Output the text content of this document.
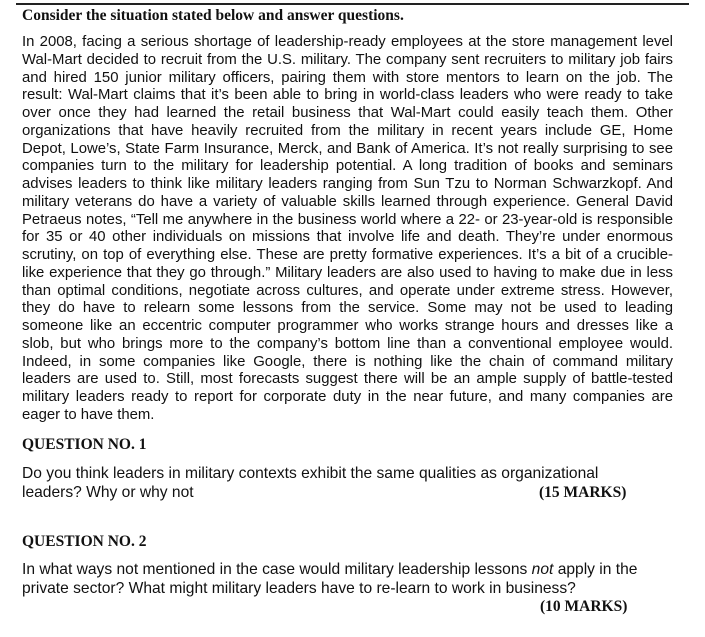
Consider the situation stated below and answer questions.
In 2008, facing a serious shortage of leadership-ready employees at the store management level Wal-Mart decided to recruit from the U.S. military. The company sent recruiters to military job fairs and hired 150 junior military officers, pairing them with store mentors to learn on the job. The result: Wal-Mart claims that it’s been able to bring in world-class leaders who were ready to take over once they had learned the retail business that Wal-Mart could easily teach them. Other organizations that have heavily recruited from the military in recent years include GE, Home Depot, Lowe’s, State Farm Insurance, Merck, and Bank of America. It’s not really surprising to see companies turn to the military for leadership potential. A long tradition of books and seminars advises leaders to think like military leaders ranging from Sun Tzu to Norman Schwarzkopf. And military veterans do have a variety of valuable skills learned through experience. General David Petraeus notes, “Tell me anywhere in the business world where a 22- or 23-year-old is responsible for 35 or 40 other individuals on missions that involve life and death. They’re under enormous scrutiny, on top of everything else. These are pretty formative experiences. It’s a bit of a crucible-like experience that they go through.” Military leaders are also used to having to make due in less than optimal conditions, negotiate across cultures, and operate under extreme stress. However, they do have to relearn some lessons from the service. Some may not be used to leading someone like an eccentric computer programmer who works strange hours and dresses like a slob, but who brings more to the company’s bottom line than a conventional employee would. Indeed, in some companies like Google, there is nothing like the chain of command military leaders are used to. Still, most forecasts suggest there will be an ample supply of battle-tested military leaders ready to report for corporate duty in the near future, and many companies are eager to have them.
QUESTION NO. 1
Do you think leaders in military contexts exhibit the same qualities as organizational
leaders? Why or why not	(15 MARKS)
QUESTION NO. 2
In what ways not mentioned in the case would military leadership lessons not apply in the private sector? What might military leaders have to re-learn to work in business?
(10 MARKS)
